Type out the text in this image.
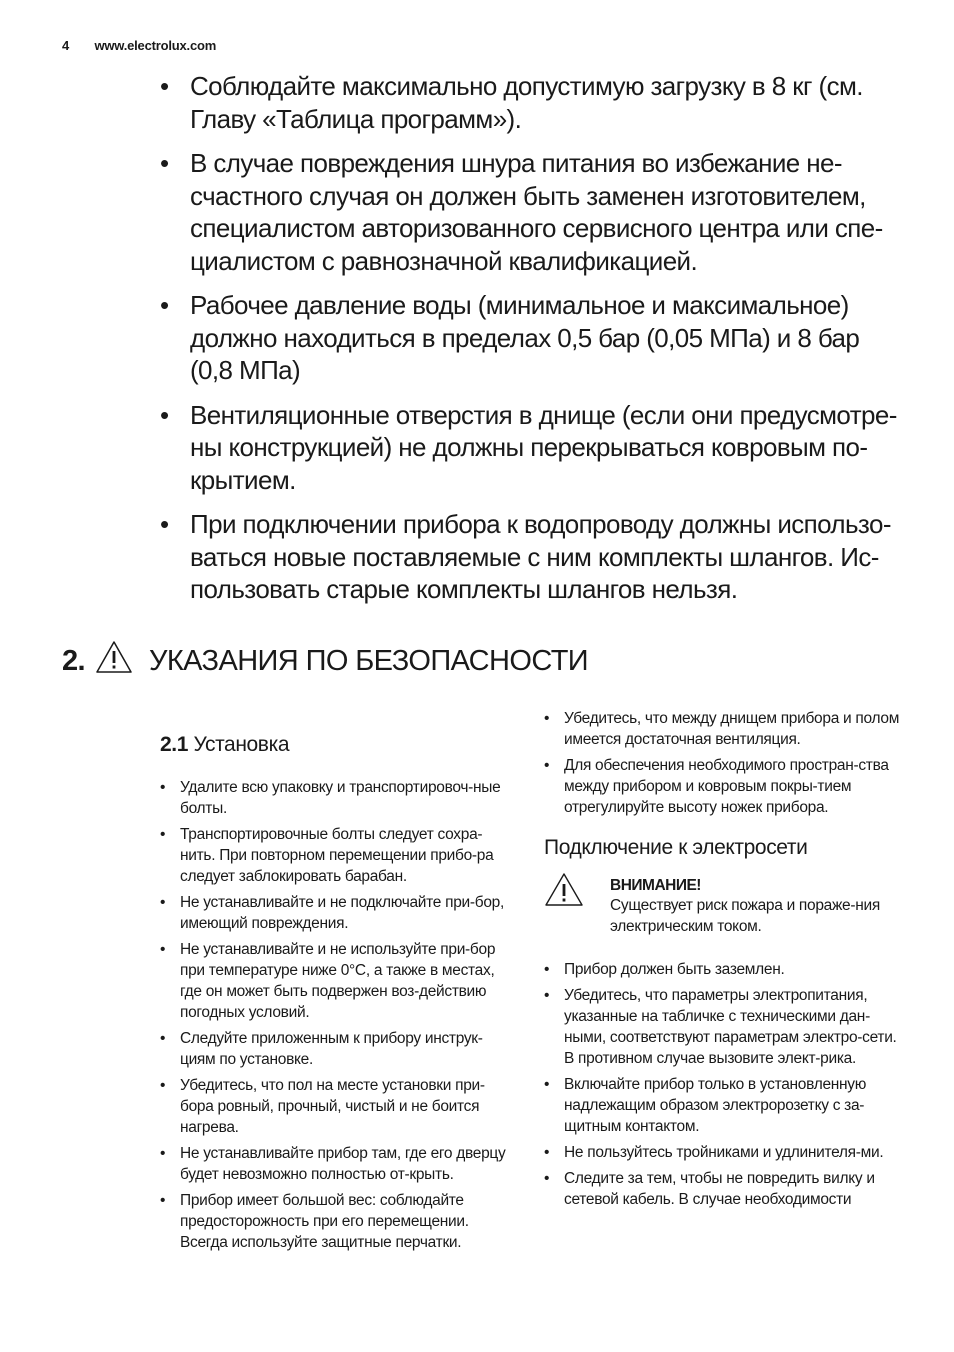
4 www.electrolux.com
• Соблюдайте максимально допустимую загрузку в 8 кг (см. Главу «Таблица программ»).
• В случае повреждения шнура питания во избежание не-счастного случая он должен быть заменен изготовителем, специалистом авторизованного сервисного центра или спе-циалистом с равнозначной квалификацией.
• Рабочее давление воды (минимальное и максимальное) должно находиться в пределах 0,5 бар (0,05 МПа) и 8 бар (0,8 МПа)
• Вентиляционные отверстия в днище (если они предусмотре-ны конструкцией) не должны перекрываться ковровым по-крытием.
• При подключении прибора к водопроводу должны использо-ваться новые поставляемые с ним комплекты шлангов. Ис-пользовать старые комплекты шлангов нельзя.
2. УКАЗАНИЯ ПО БЕЗОПАСНОСТИ
2.1 Установка
• Удалите всю упаковку и транспортировоч-ные болты.
• Транспортировочные болты следует сохра-нить. При повторном перемещении прибо-ра следует заблокировать барабан.
• Не устанавливайте и не подключайте при-бор, имеющий повреждения.
• Не устанавливайте и не используйте при-бор при температуре ниже 0°C, а также в местах, где он может быть подвержен воз-действию погодных условий.
• Следуйте приложенным к прибору инструк-циям по установке.
• Убедитесь, что пол на месте установки при-бора ровный, прочный, чистый и не боится нагрева.
• Не устанавливайте прибор там, где его дверцу будет невозможно полностью от-крыть.
• Прибор имеет большой вес: соблюдайте предосторожность при его перемещении. Всегда используйте защитные перчатки.
• Убедитесь, что между днищем прибора и полом имеется достаточная вентиляция.
• Для обеспечения необходимого простран-ства между прибором и ковровым покры-тием отрегулируйте высоту ножек прибора.
Подключение к электросети
ВНИМАНИЕ!
Существует риск пожара и пораже-ния электрическим током.
• Прибор должен быть заземлен.
• Убедитесь, что параметры электропитания, указанные на табличке с техническими дан-ными, соответствуют параметрам электро-сети. В противном случае вызовите элект-рика.
• Включайте прибор только в установленную надлежащим образом электророзетку с за-щитным контактом.
• Не пользуйтесь тройниками и удлинителя-ми.
• Следите за тем, чтобы не повредить вилку и сетевой кабель. В случае необходимости
